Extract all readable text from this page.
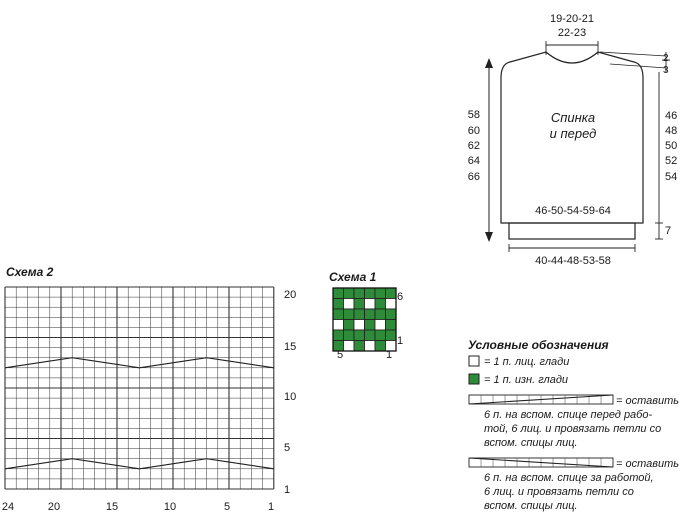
19-20-21
22-23
2
3
58
60
62
64
66
46
48
50
52
54
7
Спинка
и перед
46-50-54-59-64
40-44-48-53-58
Схема 2
20
15
10
5
1
24	20	15	10	5	1
Схема 1
6
1
5	1
Условные обозначения
= 1 п. лиц. глади
= 1 п. изн. глади
= оставить
6 п. на вспом. спице перед рабо-
той, 6 лиц. и провязать петли со
вспом. спицы лиц.
= оставить
6 п. на вспом. спице за работой,
6 лиц. и провязать петли со
вспом. спицы лиц.
